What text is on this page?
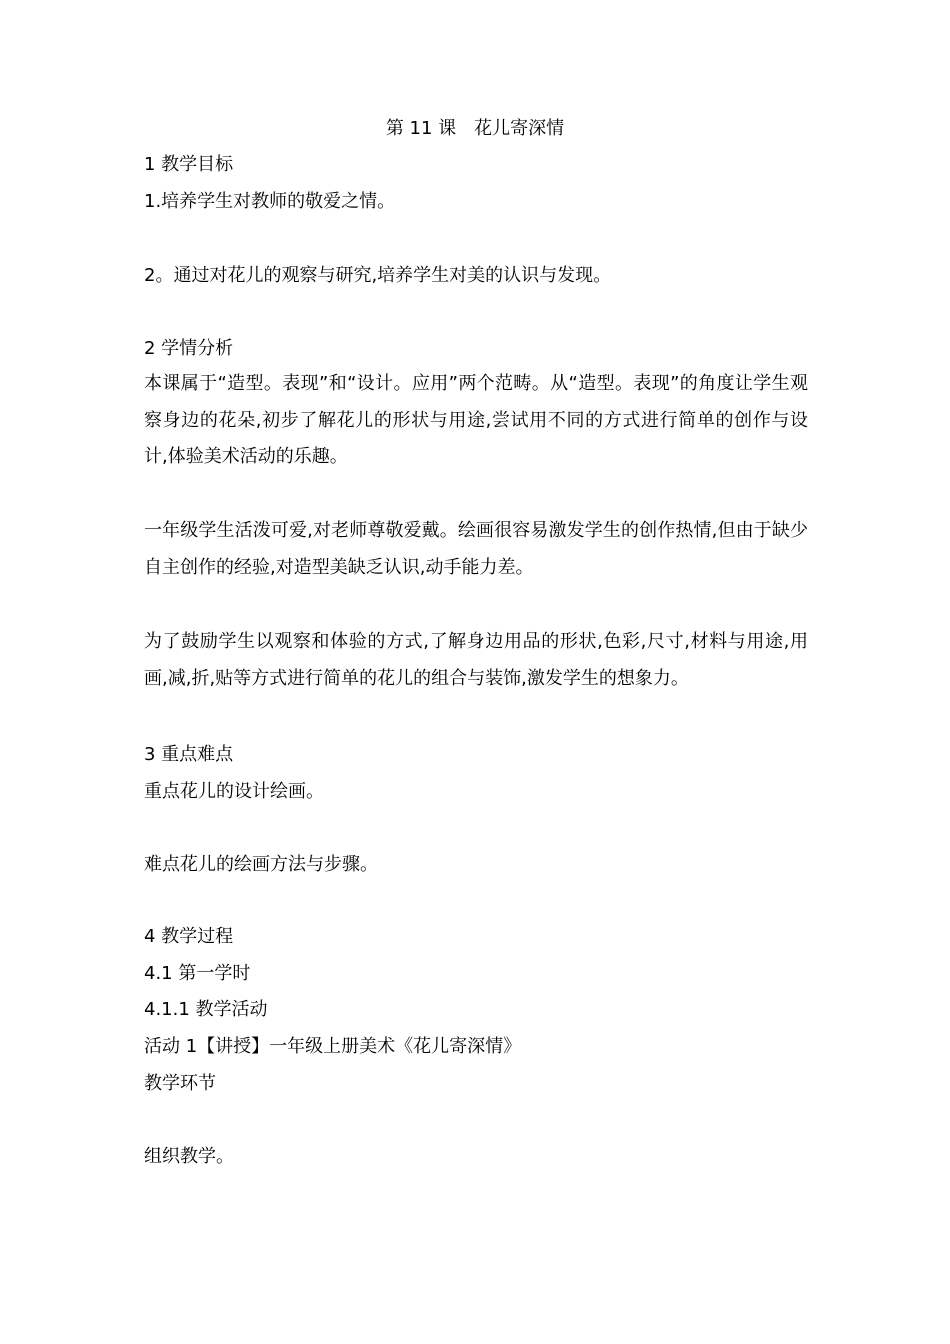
第 11 课　花儿寄深情
1 教学目标
1.培养学生对教师的敬爱之情。
2。通过对花儿的观察与研究,培养学生对美的认识与发现。
2 学情分析
本课属于“造型。表现”和“设计。应用”两个范畴。从“造型。表现”的角度让学生观察身边的花朵,初步了解花儿的形状与用途,尝试用不同的方式进行简单的创作与设计,体验美术活动的乐趣。
一年级学生活泼可爱,对老师尊敬爱戴。绘画很容易激发学生的创作热情,但由于缺少自主创作的经验,对造型美缺乏认识,动手能力差。
为了鼓励学生以观察和体验的方式,了解身边用品的形状,色彩,尺寸,材料与用途,用画,减,折,贴等方式进行简单的花儿的组合与装饰,激发学生的想象力。
3 重点难点
重点花儿的设计绘画。
难点花儿的绘画方法与步骤。
4 教学过程
4.1 第一学时
4.1.1 教学活动
活动 1【讲授】一年级上册美术《花儿寄深情》
教学环节
组织教学。
